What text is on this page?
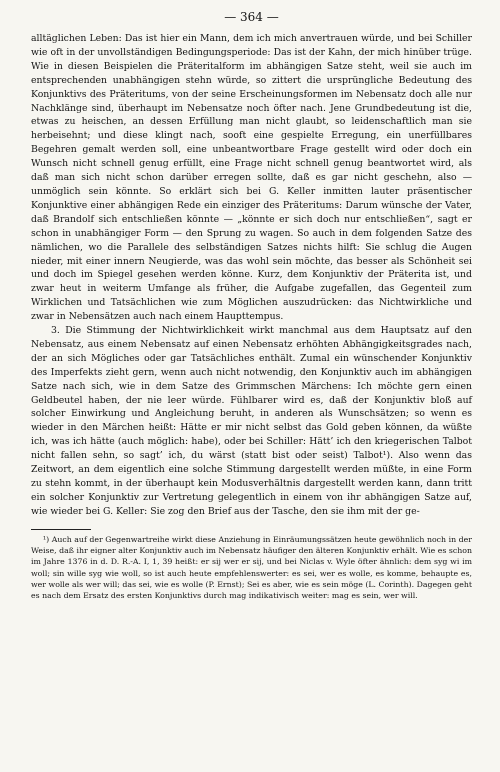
— 364 —

alltäglichen Leben: Das ist hier ein Mann, dem ich mich anvertrauen würde, und bei Schiller wie oft in der unvollständigen Bedingungsperiode: Das ist der Kahn, der mich hinüber trüge. Wie in diesen Beispielen die Präteritalform im abhängigen Satze steht, weil sie auch im entsprechenden unabhängigen stehn würde, so zittert die ursprüngliche Bedeutung des Konjunktivs des Präteritums, von der seine Erscheinungsformen im Nebensatz doch alle nur Nachklänge sind, überhaupt im Nebensatze noch öfter nach. Jene Grundbedeutung ist die, etwas zu heischen, an dessen Erfüllung man nicht glaubt, so leidenschaftlich man sie herbeisehnt; und diese klingt nach, sooft eine gespielte Erregung, ein unerfüllbares Begehren gemalt werden soll, eine unbeantwortbare Frage gestellt wird oder doch ein Wunsch nicht schnell genug erfüllt, eine Frage nicht schnell genug beantwortet wird, als daß man sich nicht schon darüber erregen sollte, daß es gar nicht geschehn, also — unmöglich sein könnte. So erklärt sich bei G. Keller inmitten lauter präsentischer Konjunktive einer abhängigen Rede ein einziger des Präteritums: Darum wünsche der Vater, daß Brandolf sich entschließen könnte — „könnte er sich doch nur entschließen“, sagt er schon in unabhängiger Form — den Sprung zu wagen. So auch in dem folgenden Satze des nämlichen, wo die Parallele des selbständigen Satzes nichts hilft: Sie schlug die Augen nieder, mit einer innern Neugierde, was das wohl sein möchte, das besser als Schönheit sei und doch im Spiegel gesehen werden könne. Kurz, dem Konjunktiv der Präterita ist, und zwar heut in weiterm Umfange als früher, die Aufgabe zugefallen, das Gegenteil zum Wirklichen und Tatsächlichen wie zum Möglichen auszudrücken: das Nichtwirkliche und zwar in Nebensätzen auch nach einem Haupttempus.

3. Die Stimmung der Nichtwirklichkeit wirkt manchmal aus dem Hauptsatz auf den Nebensatz, aus einem Nebensatz auf einen Nebensatz erhöhten Abhängigkeitsgrades nach, der an sich Mögliches oder gar Tatsächliches enthält. Zumal ein wünschender Konjunktiv des Imperfekts zieht gern, wenn auch nicht notwendig, den Konjunktiv auch im abhängigen Satze nach sich, wie in dem Satze des Grimmschen Märchens: Ich möchte gern einen Geldbeutel haben, der nie leer würde. Fühlbarer wird es, daß der Konjunktiv bloß auf solcher Einwirkung und Angleichung beruht, in anderen als Wunschsätzen; so wenn es wieder in den Märchen heißt: Hätte er mir nicht selbst das Gold geben können, da wüßte ich, was ich hätte (auch möglich: habe), oder bei Schiller: Hätt’ ich den kriegerischen Talbot nicht fallen sehn, so sagt’ ich, du wärst (statt bist oder seist) Talbot¹). Also wenn das Zeitwort, an dem eigentlich eine solche Stimmung dargestellt werden müßte, in eine Form zu stehn kommt, in der überhaupt kein Modusverhältnis dargestellt werden kann, dann tritt ein solcher Konjunktiv zur Vertretung gelegentlich in einem von ihr abhängigen Satze auf, wie wieder bei G. Keller: Sie zog den Brief aus der Tasche, den sie ihm mit der ge-

¹) Auch auf der Gegenwartreihe wirkt diese Anziehung in Einräumungssätzen heute gewöhnlich noch in der Weise, daß ihr eigner alter Konjunktiv auch im Nebensatz häufiger den älteren Konjunktiv erhält. Wie es schon im Jahre 1376 in d. D. R.-A. I, 1, 39 heißt: er sij wer er sij, und bei Niclas v. Wyle öfter ähnlich: dem syg wi im woll; sin wille syg wie woll, so ist auch heute empfehlenswerter: es sei, wer es wolle, es komme, behaupte es, wer wolle als wer will; das sei, wie es wolle (P. Ernst); Sei es aber, wie es sein möge (L. Corinth). Dagegen geht es nach dem Ersatz des ersten Konjunktivs durch mag indikativisch weiter: mag es sein, wer will.
